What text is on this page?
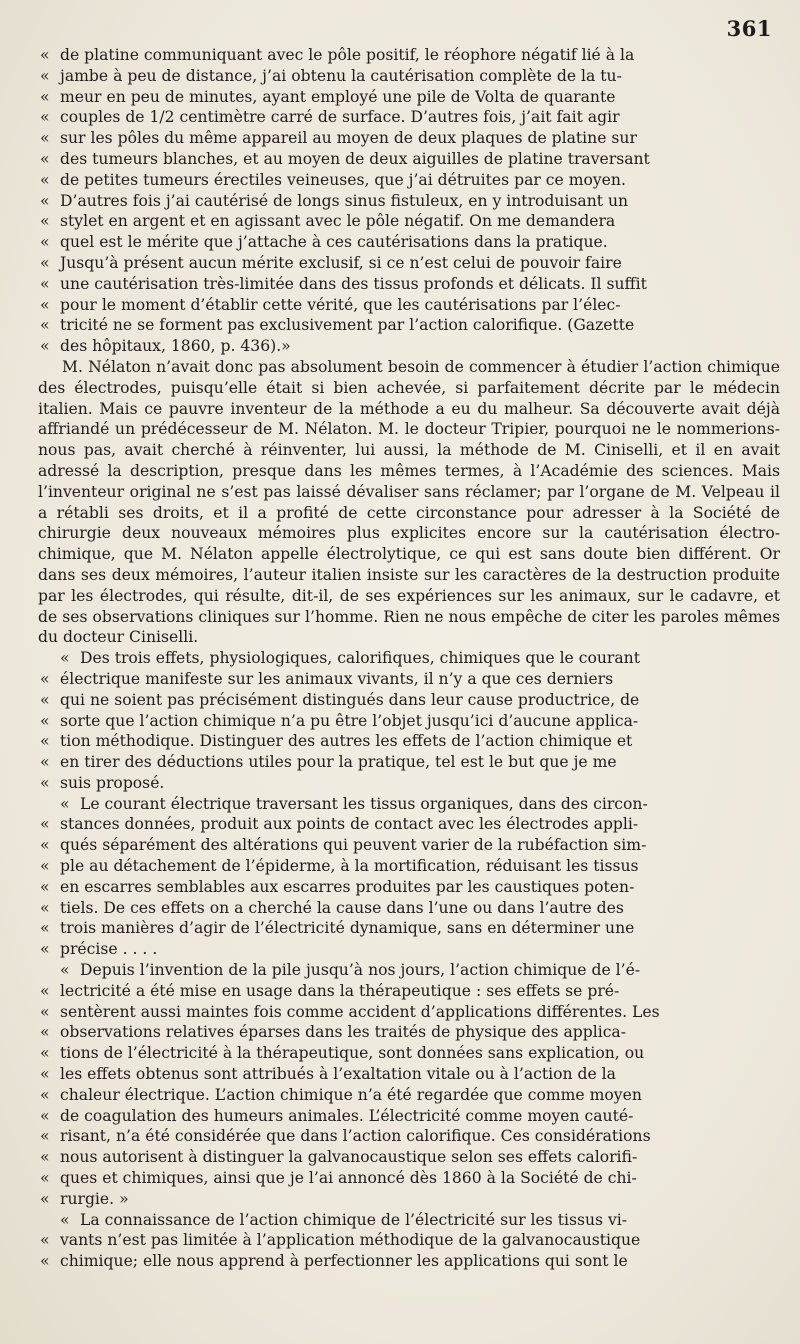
361
« de platine communiquant avec le pôle positif, le réophore négatif lié à la
« jambe à peu de distance, j’ai obtenu la cautérisation complète de la tu-
« meur en peu de minutes, ayant employé une pile de Volta de quarante
« couples de 1/2 centimètre carré de surface. D’autres fois, j’ait fait agir
« sur les pôles du même appareil au moyen de deux plaques de platine sur
« des tumeurs blanches, et au moyen de deux aiguilles de platine traversant
« de petites tumeurs érectiles veineuses, que j’ai détruites par ce moyen.
« D’autres fois j’ai cautérisé de longs sinus fistuleux, en y introduisant un
« stylet en argent et en agissant avec le pôle négatif. On me demandera
« quel est le mérite que j’attache à ces cautérisations dans la pratique.
« Jusqu’à présent aucun mérite exclusif, si ce n’est celui de pouvoir faire
« une cautérisation très-limitée dans des tissus profonds et délicats. Il suffit
« pour le moment d’établir cette vérité, que les cautérisations par l’élec-
« tricité ne se forment pas exclusivement par l’action calorifique. (Gazette
« des hôpitaux, 1860, p. 436).»

M. Nélaton n’avait donc pas absolument besoin de commencer à étudier l’action chimique des électrodes, puisqu’elle était si bien achevée, si parfaitement décrite par le médecin italien. Mais ce pauvre inventeur de la méthode a eu du malheur. Sa découverte avait déjà affriandé un prédécesseur de M. Nélaton. M. le docteur Tripier, pourquoi ne le nommerions-nous pas, avait cherché à réinventer, lui aussi, la méthode de M. Ciniselli, et il en avait adressé la description, presque dans les mêmes termes, à l’Académie des sciences. Mais l’inventeur original ne s’est pas laissé dévaliser sans réclamer; par l’organe de M. Velpeau il a rétabli ses droits, et il a profité de cette circonstance pour adresser à la Société de chirurgie deux nouveaux mémoires plus explicites encore sur la cautérisation électro-chimique, que M. Nélaton appelle électrolytique, ce qui est sans doute bien différent. Or dans ses deux mémoires, l’auteur italien insiste sur les caractères de la destruction produite par les électrodes, qui résulte, dit-il, de ses expériences sur les animaux, sur le cadavre, et de ses observations cliniques sur l’homme. Rien ne nous empêche de citer les paroles mêmes du docteur Ciniselli.

« Des trois effets, physiologiques, calorifiques, chimiques que le courant
« électrique manifeste sur les animaux vivants, il n’y a que ces derniers
« qui ne soient pas précisément distingués dans leur cause productrice, de
« sorte que l’action chimique n’a pu être l’objet jusqu’ici d’aucune applica-
« tion méthodique. Distinguer des autres les effets de l’action chimique et
« en tirer des déductions utiles pour la pratique, tel est le but que je me
« suis proposé.
« Le courant électrique traversant les tissus organiques, dans des circon-
« stances données, produit aux points de contact avec les électrodes appli-
« qués séparément des altérations qui peuvent varier de la rubéfaction sim-
« ple au détachement de l’épiderme, à la mortification, réduisant les tissus
« en escarres semblables aux escarres produites par les caustiques poten-
« tiels. De ces effets on a cherché la cause dans l’une ou dans l’autre des
« trois manières d’agir de l’électricité dynamique, sans en déterminer une
« précise . . . .
« Depuis l’invention de la pile jusqu’à nos jours, l’action chimique de l’é-
« lectricité a été mise en usage dans la thérapeutique : ses effets se pré-
« sentèrent aussi maintes fois comme accident d’applications différentes. Les
« observations relatives éparses dans les traités de physique des applica-
« tions de l’électricité à la thérapeutique, sont données sans explication, ou
« les effets obtenus sont attribués à l’exaltation vitale ou à l’action de la
« chaleur électrique. L’action chimique n’a été regardée que comme moyen
« de coagulation des humeurs animales. L’électricité comme moyen cauté-
« risant, n’a été considérée que dans l’action calorifique. Ces considérations
« nous autorisent à distinguer la galvanocaustique selon ses effets calorifi-
« ques et chimiques, ainsi que je l’ai annoncé dès 1860 à la Société de chi-
« rurgie. »
« La connaissance de l’action chimique de l’électricité sur les tissus vi-
« vants n’est pas limitée à l’application méthodique de la galvanocaustique
« chimique; elle nous apprend à perfectionner les applications qui sont le
